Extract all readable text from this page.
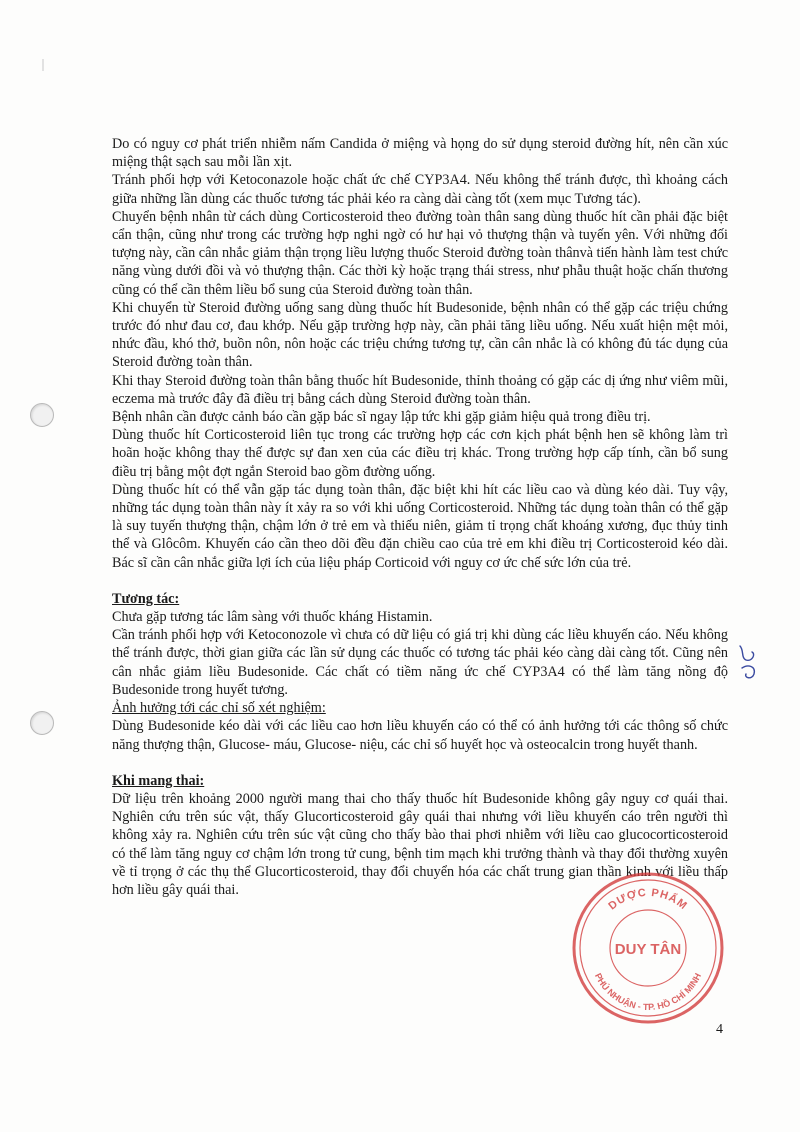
Do có nguy cơ phát triển nhiễm nấm Candida ở miệng và họng do sử dụng steroid đường hít, nên cần xúc miệng thật sạch sau mỗi lần xịt.

Tránh phối hợp với Ketoconazole hoặc chất ức chế CYP3A4. Nếu không thể tránh được, thì khoảng cách giữa những lần dùng các thuốc tương tác phải kéo ra càng dài càng tốt (xem mục Tương tác).

Chuyển bệnh nhân từ cách dùng Corticosteroid theo đường toàn thân sang dùng thuốc hít cần phải đặc biệt cẩn thận, cũng như trong các trường hợp nghi ngờ có hư hại vỏ thượng thận và tuyến yên. Với những đối tượng này, cần cân nhắc giảm thận trọng liều lượng thuốc Steroid đường toàn thânvà tiến hành làm test chức năng vùng dưới đồi và vỏ thượng thận. Các thời kỳ hoặc trạng thái stress, như phẫu thuật hoặc chấn thương cũng có thể cần thêm liều bổ sung của Steroid đường toàn thân.

Khi chuyển từ Steroid đường uống sang dùng thuốc hít Budesonide, bệnh nhân có thể gặp các triệu chứng trước đó như đau cơ, đau khớp. Nếu gặp trường hợp này, cần phải tăng liều uống. Nếu xuất hiện mệt mỏi, nhức đầu, khó thở, buồn nôn, nôn hoặc các triệu chứng tương tự, cần cân nhắc là có không đủ tác dụng của Steroid đường toàn thân.

Khi thay Steroid đường toàn thân bằng thuốc hít Budesonide, thỉnh thoảng có gặp các dị ứng như viêm mũi, eczema mà trước đây đã điều trị bằng cách dùng Steroid đường toàn thân.

Bệnh nhân cần được cảnh báo cần gặp bác sĩ ngay lập tức khi gặp giảm hiệu quả trong điều trị.

Dùng thuốc hít Corticosteroid liên tục trong các trường hợp các cơn kịch phát bệnh hen sẽ không làm trì hoãn hoặc không thay thế được sự đan xen của các điều trị khác. Trong trường hợp cấp tính, cần bổ sung điều trị bằng một đợt ngắn Steroid bao gồm đường uống.

Dùng thuốc hít có thể vẫn gặp tác dụng toàn thân, đặc biệt khi hít các liều cao và dùng kéo dài. Tuy vậy, những tác dụng toàn thân này ít xảy ra so với khi uống Corticosteroid. Những tác dụng toàn thân có thể gặp là suy tuyến thượng thận, chậm lớn ở trẻ em và thiếu niên, giảm tỉ trọng chất khoáng xương, đục thủy tinh thể và Glôcôm. Khuyến cáo cần theo dõi đều đặn chiều cao của trẻ em khi điều trị Corticosteroid kéo dài. Bác sĩ cần cân nhắc giữa lợi ích của liệu pháp Corticoid với nguy cơ ức chế sức lớn của trẻ.

Tương tác:

Chưa gặp tương tác lâm sàng với thuốc kháng Histamin.

Cần tránh phối hợp với Ketoconozole vì chưa có dữ liệu có giá trị khi dùng các liều khuyến cáo. Nếu không thể tránh được, thời gian giữa các lần sử dụng các thuốc có tương tác phải kéo càng dài càng tốt. Cũng nên cân nhắc giảm liều Budesonide. Các chất có tiềm năng ức chế CYP3A4 có thể làm tăng nồng độ Budesonide trong huyết tương.

Ảnh hưởng tới các chỉ số xét nghiệm:

Dùng Budesonide kéo dài với các liều cao hơn liều khuyến cáo có thể có ảnh hưởng tới các thông số chức năng thượng thận, Glucose- máu, Glucose- niệu, các chỉ số huyết học và osteocalcin trong huyết thanh.

Khi mang thai:

Dữ liệu trên khoảng 2000 người mang thai cho thấy thuốc hít Budesonide không gây nguy cơ quái thai. Nghiên cứu trên súc vật, thấy Glucorticosteroid gây quái thai nhưng với liều khuyến cáo trên người thì không xảy ra. Nghiên cứu trên súc vật cũng cho thấy bào thai phơi nhiễm với liều cao glucocorticosteroid có thể làm tăng nguy cơ chậm lớn trong tử cung, bệnh tim mạch khi trưởng thành và thay đổi thường xuyên về tỉ trọng ở các thụ thể Glucorticosteroid, thay đổi chuyển hóa các chất trung gian thần kinh với liều thấp hơn liều gây quái thai.

DƯỢC PHẨM
DUY TÂN
PHÚ NHUẬN - TP. HỒ CHÍ MINH
4
